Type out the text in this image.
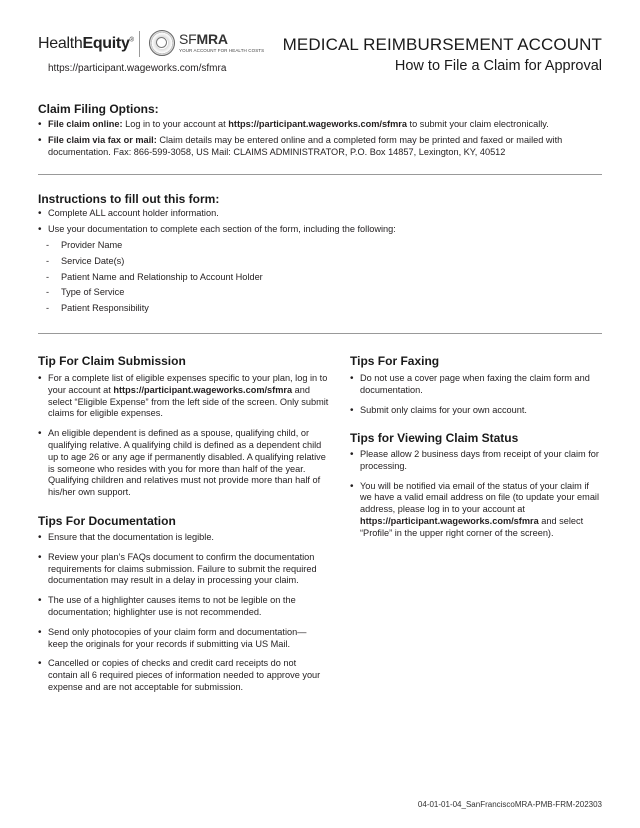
HealthEquity®	SFMRA
YOUR ACCOUNT FOR HEALTH COSTS
https://participant.wageworks.com/sfmra
MEDICAL REIMBURSEMENT ACCOUNT
How to File a Claim for Approval
Claim Filing Options:
• File claim online: Log in to your account at https://participant.wageworks.com/sfmra to submit your claim electronically.
• File claim via fax or mail: Claim details may be entered online and a completed form may be printed and faxed or mailed with documentation. Fax: 866-599-3058, US Mail: CLAIMS ADMINISTRATOR, P.O. Box 14857, Lexington, KY, 40512
Instructions to fill out this form:
• Complete ALL account holder information.
• Use your documentation to complete each section of the form, including the following:
- Provider Name
- Service Date(s)
- Patient Name and Relationship to Account Holder
- Type of Service
- Patient Responsibility
Tip For Claim Submission
• For a complete list of eligible expenses specific to your plan, log in to your account at https://participant.wageworks.com/sfmra and select “Eligible Expense” from the left side of the screen. Only submit claims for eligible expenses.
• An eligible dependent is defined as a spouse, qualifying child, or qualifying relative. A qualifying child is defined as a dependent child up to age 26 or any age if permanently disabled. A qualifying relative is someone who resides with you for more than half of the year. Qualifying children and relatives must not provide more than half of his/her own support.
Tips For Documentation
• Ensure that the documentation is legible.
• Review your plan’s FAQs document to confirm the documentation requirements for claims submission. Failure to submit the required documentation may result in a delay in processing your claim.
• The use of a highlighter causes items to not be legible on the documentation; highlighter use is not recommended.
• Send only photocopies of your claim form and documentation—keep the originals for your records if submitting via US Mail.
• Cancelled or copies of checks and credit card receipts do not contain all 6 required pieces of information needed to approve your expense and are not acceptable for submission.
Tips For Faxing
• Do not use a cover page when faxing the claim form and documentation.
• Submit only claims for your own account.
Tips for Viewing Claim Status
• Please allow 2 business days from receipt of your claim for processing.
• You will be notified via email of the status of your claim if we have a valid email address on file (to update your email address, please log in to your account at https://participant.wageworks.com/sfmra and select “Profile” in the upper right corner of the screen).
04-01-01-04_SanFranciscoMRA-PMB-FRM-202303
